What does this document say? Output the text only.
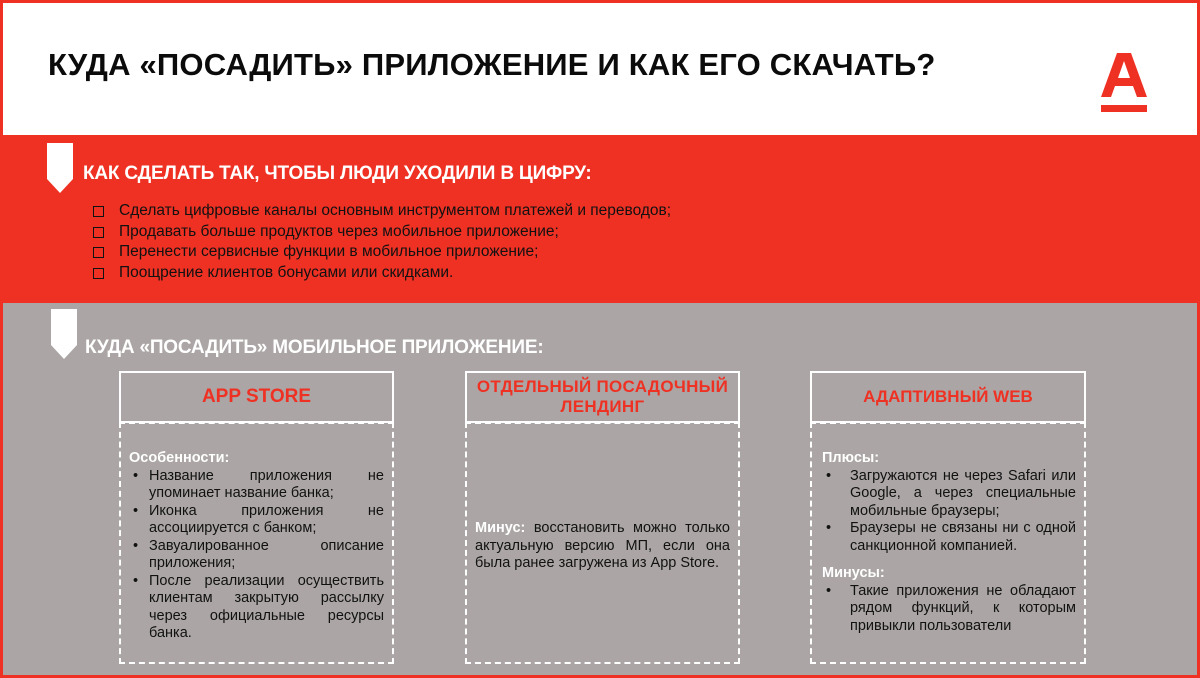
КУДА «ПОСАДИТЬ» ПРИЛОЖЕНИЕ И КАК ЕГО СКАЧАТЬ?
КАК СДЕЛАТЬ ТАК, ЧТОБЫ ЛЮДИ УХОДИЛИ В ЦИФРУ:
Сделать цифровые каналы основным инструментом платежей и переводов;
Продавать больше продуктов через мобильное приложение;
Перенести сервисные функции в мобильное приложение;
Поощрение клиентов бонусами или скидками.
КУДА «ПОСАДИТЬ» МОБИЛЬНОЕ ПРИЛОЖЕНИЕ:
APP STORE
Особенности:
• Название приложения не упоминает название банка;
• Иконка приложения не ассоциируется с банком;
• Завуалированное описание приложения;
• После реализации осуществить клиентам закрытую рассылку через официальные ресурсы банка.
ОТДЕЛЬНЫЙ ПОСАДОЧНЫЙ ЛЕНДИНГ
Минус: восстановить можно только актуальную версию МП, если она была ранее загружена из App Store.
АДАПТИВНЫЙ WEB
Плюсы:
• Загружаются не через Safari или Google, а через специальные мобильные браузеры;
• Браузеры не связаны ни с одной санкционной компанией.
Минусы:
• Такие приложения не обладают рядом функций, к которым привыкли пользователи
